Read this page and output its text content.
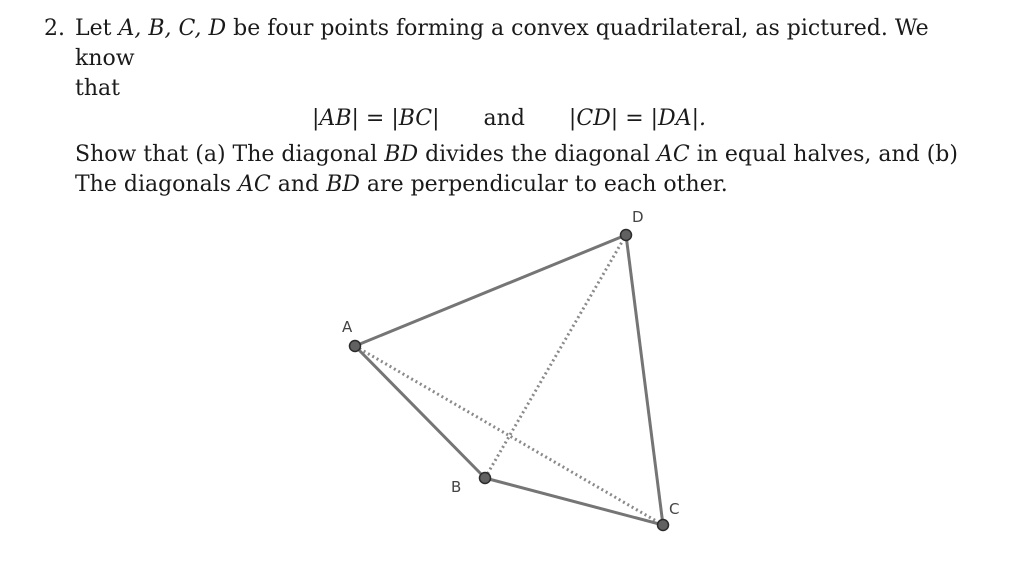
2. Let A, B, C, D be four points forming a convex quadrilateral, as pictured. We know
that
|AB| = |BC| and |CD| = |DA|.
Show that (a) The diagonal BD divides the diagonal AC in equal halves, and (b)
The diagonals AC and BD are perpendicular to each other.
A
B
C
D
